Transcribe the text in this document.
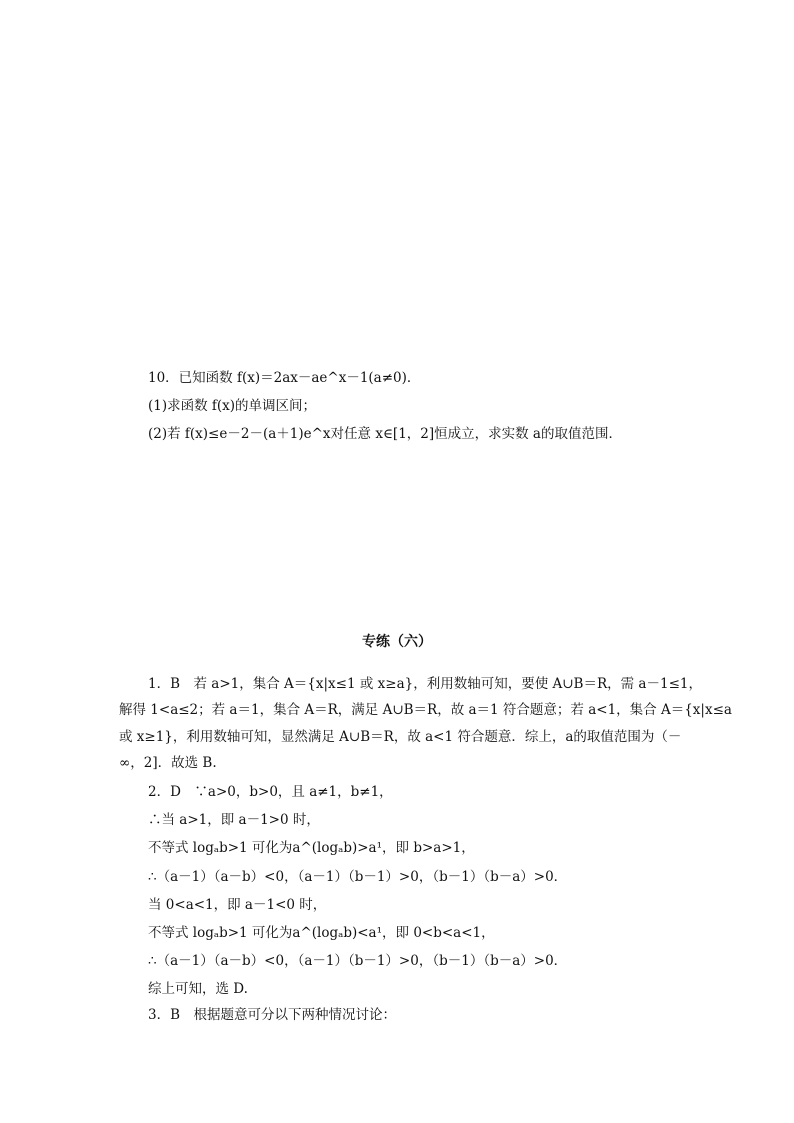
10．已知函数 f(x)＝2ax－ae^x－1(a≠0)．
(1)求函数 f(x)的单调区间；
(2)若 f(x)≤e－2－(a＋1)e^x对任意 x∈[1，2]恒成立，求实数 a的取值范围．
专练（六）
1．B　若 a>1，集合 A＝{x|x≤1 或 x≥a}，利用数轴可知，要使 A∪B＝R，需 a－1≤1，
解得 1<a≤2；若 a＝1，集合 A＝R，满足 A∪B＝R，故 a＝1 符合题意；若 a<1，集合 A＝{x|x≤a
或 x≥1}，利用数轴可知，显然满足 A∪B＝R，故 a<1 符合题意．综上，a的取值范围为（－
∞，2]．故选 B.
2．D　∵a>0，b>0，且 a≠1，b≠1，
∴当 a>1，即 a－1>0 时，
不等式 logₐb>1 可化为a^(logₐb)>a¹，即 b>a>1，
∴（a－1）（a－b）<0，（a－1）（b－1）>0，（b－1）（b－a）>0．
当 0<a<1，即 a－1<0 时，
不等式 logₐb>1 可化为a^(logₐb)<a¹，即 0<b<a<1，
∴（a－1）（a－b）<0，（a－1）（b－1）>0，（b－1）（b－a）>0．
综上可知，选 D.
3．B　根据题意可分以下两种情况讨论：
